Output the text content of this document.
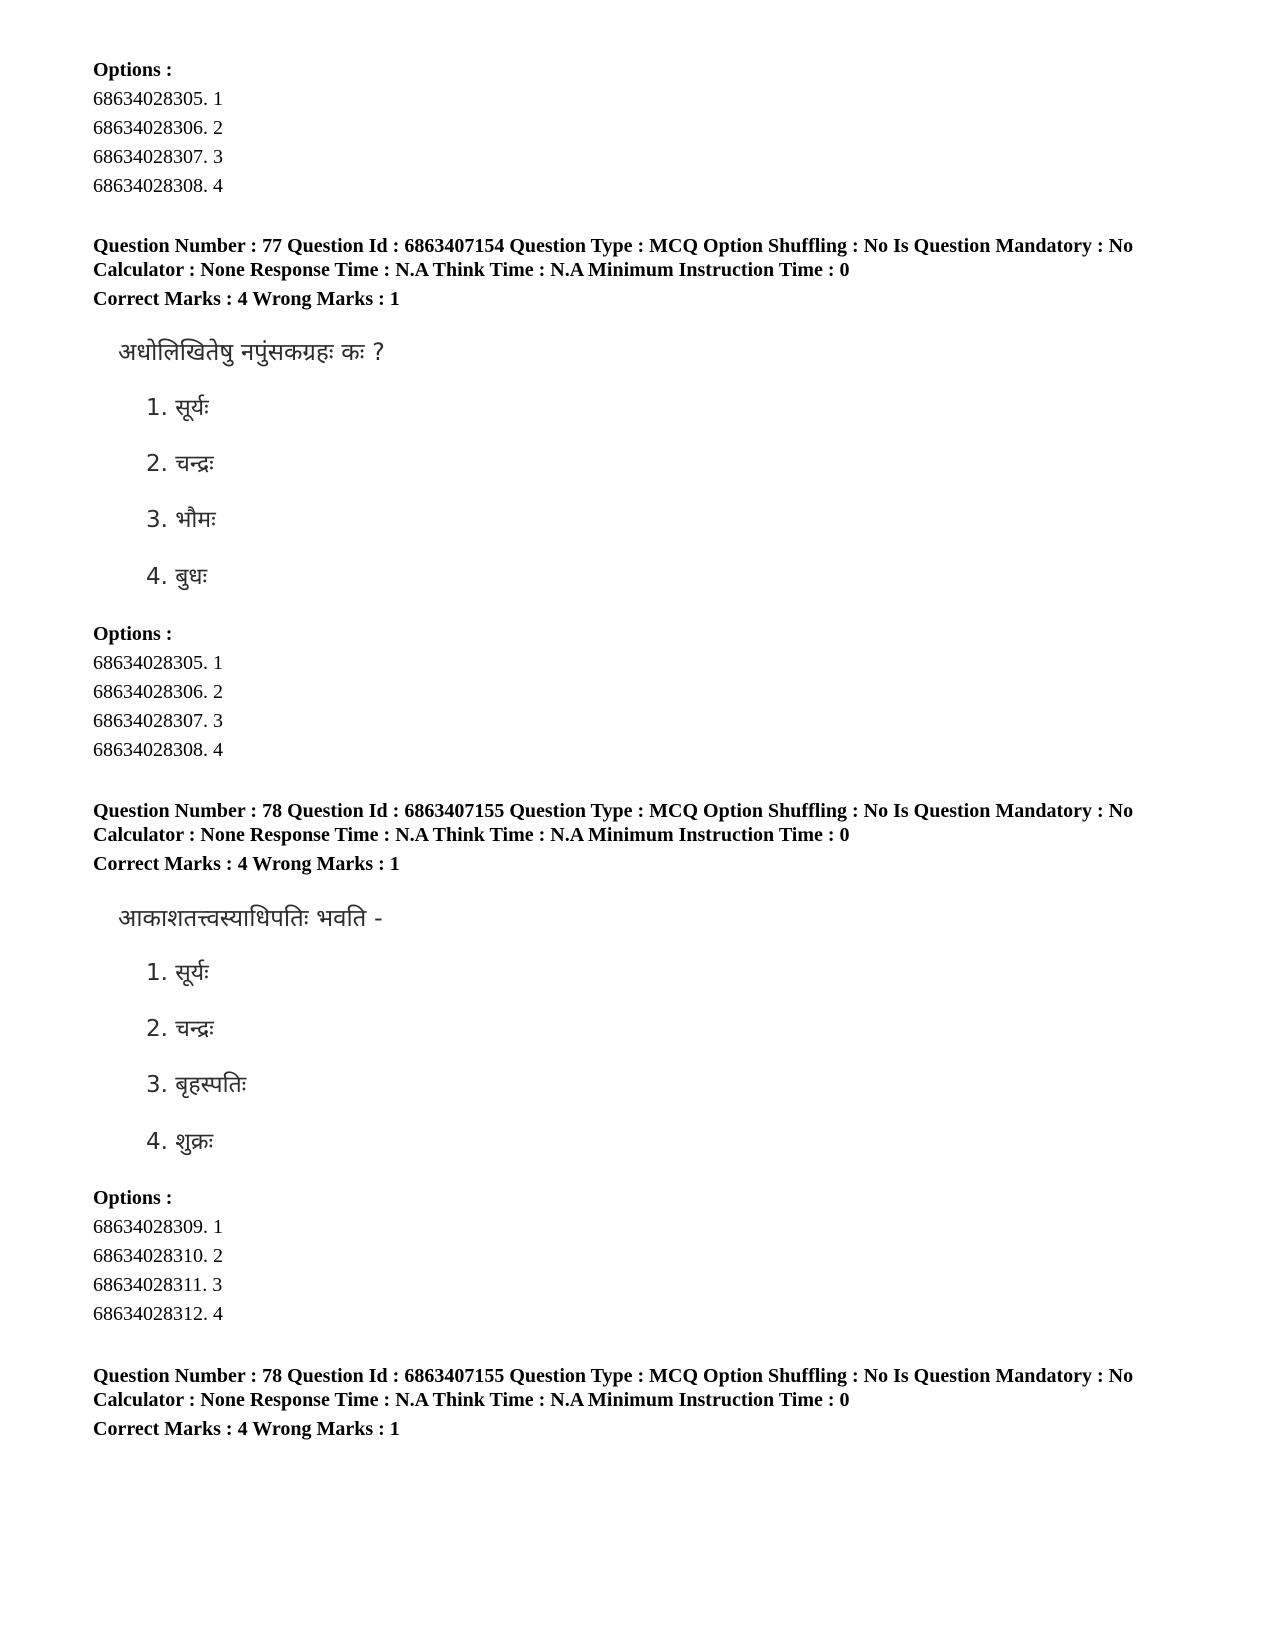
Options :
68634028305. 1
68634028306. 2
68634028307. 3
68634028308. 4
Question Number : 77 Question Id : 6863407154 Question Type : MCQ Option Shuffling : No Is Question Mandatory : No Calculator : None Response Time : N.A Think Time : N.A Minimum Instruction Time : 0
Correct Marks : 4 Wrong Marks : 1
अधोलिखितेषु नपुंसकग्रहः कः ?
1. सूर्यः
2. चन्द्रः
3. भौमः
4. बुधः
Options :
68634028305. 1
68634028306. 2
68634028307. 3
68634028308. 4
Question Number : 78 Question Id : 6863407155 Question Type : MCQ Option Shuffling : No Is Question Mandatory : No Calculator : None Response Time : N.A Think Time : N.A Minimum Instruction Time : 0
Correct Marks : 4 Wrong Marks : 1
आकाशतत्त्वस्याधिपतिः भवति -
1. सूर्यः
2. चन्द्रः
3. बृहस्पतिः
4. शुक्रः
Options :
68634028309. 1
68634028310. 2
68634028311. 3
68634028312. 4
Question Number : 78 Question Id : 6863407155 Question Type : MCQ Option Shuffling : No Is Question Mandatory : No Calculator : None Response Time : N.A Think Time : N.A Minimum Instruction Time : 0
Correct Marks : 4 Wrong Marks : 1
